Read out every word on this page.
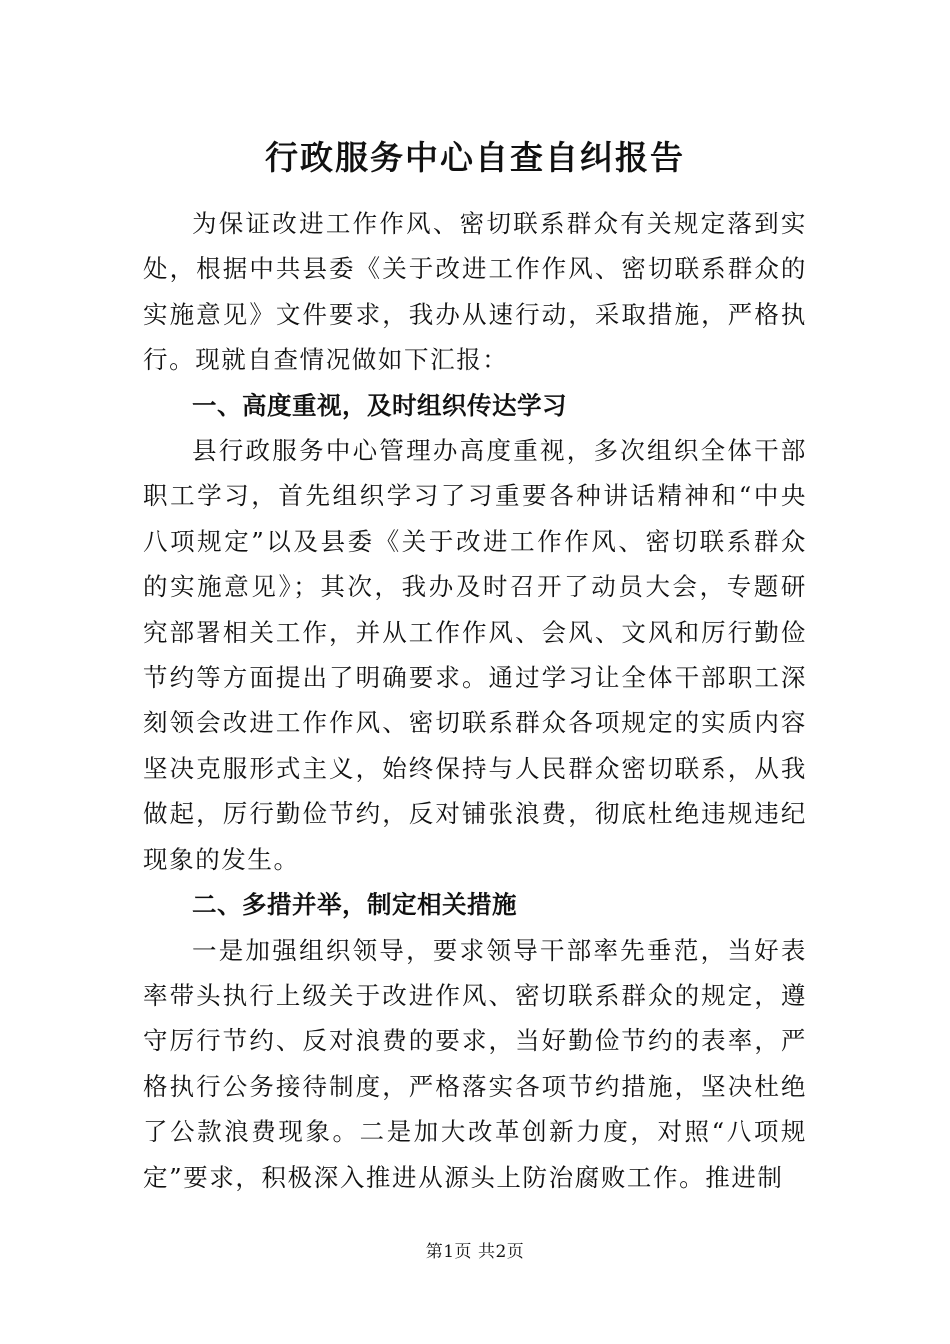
行政服务中心自查自纠报告

为保证改进工作作风、密切联系群众有关规定落到实处，根据中共县委《关于改进工作作风、密切联系群众的实施意见》文件要求，我办从速行动，采取措施，严格执行。现就自查情况做如下汇报：

一、高度重视，及时组织传达学习

县行政服务中心管理办高度重视，多次组织全体干部职工学习，首先组织学习了习重要各种讲话精神和“中央八项规定”以及县委《关于改进工作作风、密切联系群众的实施意见》；其次，我办及时召开了动员大会，专题研究部署相关工作，并从工作作风、会风、文风和厉行勤俭节约等方面提出了明确要求。通过学习让全体干部职工深刻领会改进工作作风、密切联系群众各项规定的实质内容坚决克服形式主义，始终保持与人民群众密切联系，从我做起，厉行勤俭节约，反对铺张浪费，彻底杜绝违规违纪现象的发生。

二、多措并举，制定相关措施

一是加强组织领导，要求领导干部率先垂范，当好表率带头执行上级关于改进作风、密切联系群众的规定，遵守厉行节约、反对浪费的要求，当好勤俭节约的表率，严格执行公务接待制度，严格落实各项节约措施，坚决杜绝了公款浪费现象。二是加大改革创新力度，对照“八项规定”要求，积极深入推进从源头上防治腐败工作。推进制

第1页 共2页
